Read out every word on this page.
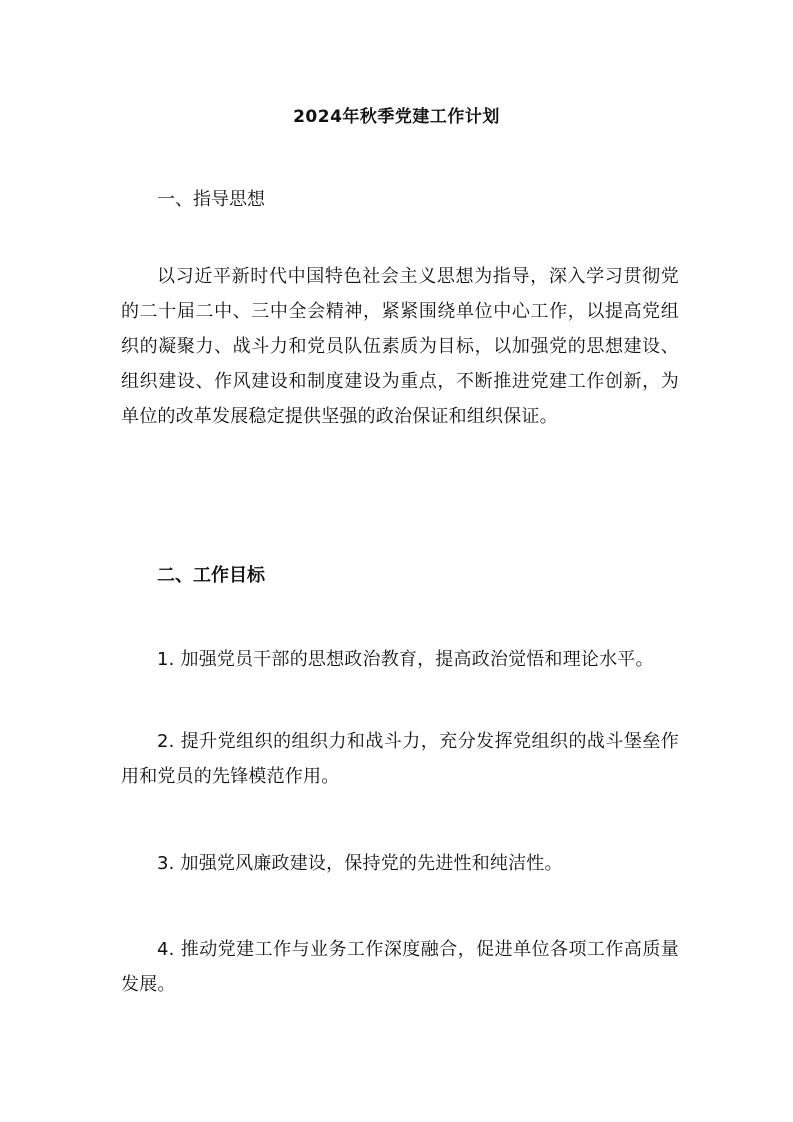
2024年秋季党建工作计划

一、指导思想

以习近平新时代中国特色社会主义思想为指导，深入学习贯彻党的二十届二中、三中全会精神，紧紧围绕单位中心工作，以提高党组织的凝聚力、战斗力和党员队伍素质为目标，以加强党的思想建设、组织建设、作风建设和制度建设为重点，不断推进党建工作创新，为单位的改革发展稳定提供坚强的政治保证和组织保证。

二、工作目标

1. 加强党员干部的思想政治教育，提高政治觉悟和理论水平。

2. 提升党组织的组织力和战斗力，充分发挥党组织的战斗堡垒作用和党员的先锋模范作用。

3. 加强党风廉政建设，保持党的先进性和纯洁性。

4. 推动党建工作与业务工作深度融合，促进单位各项工作高质量发展。
